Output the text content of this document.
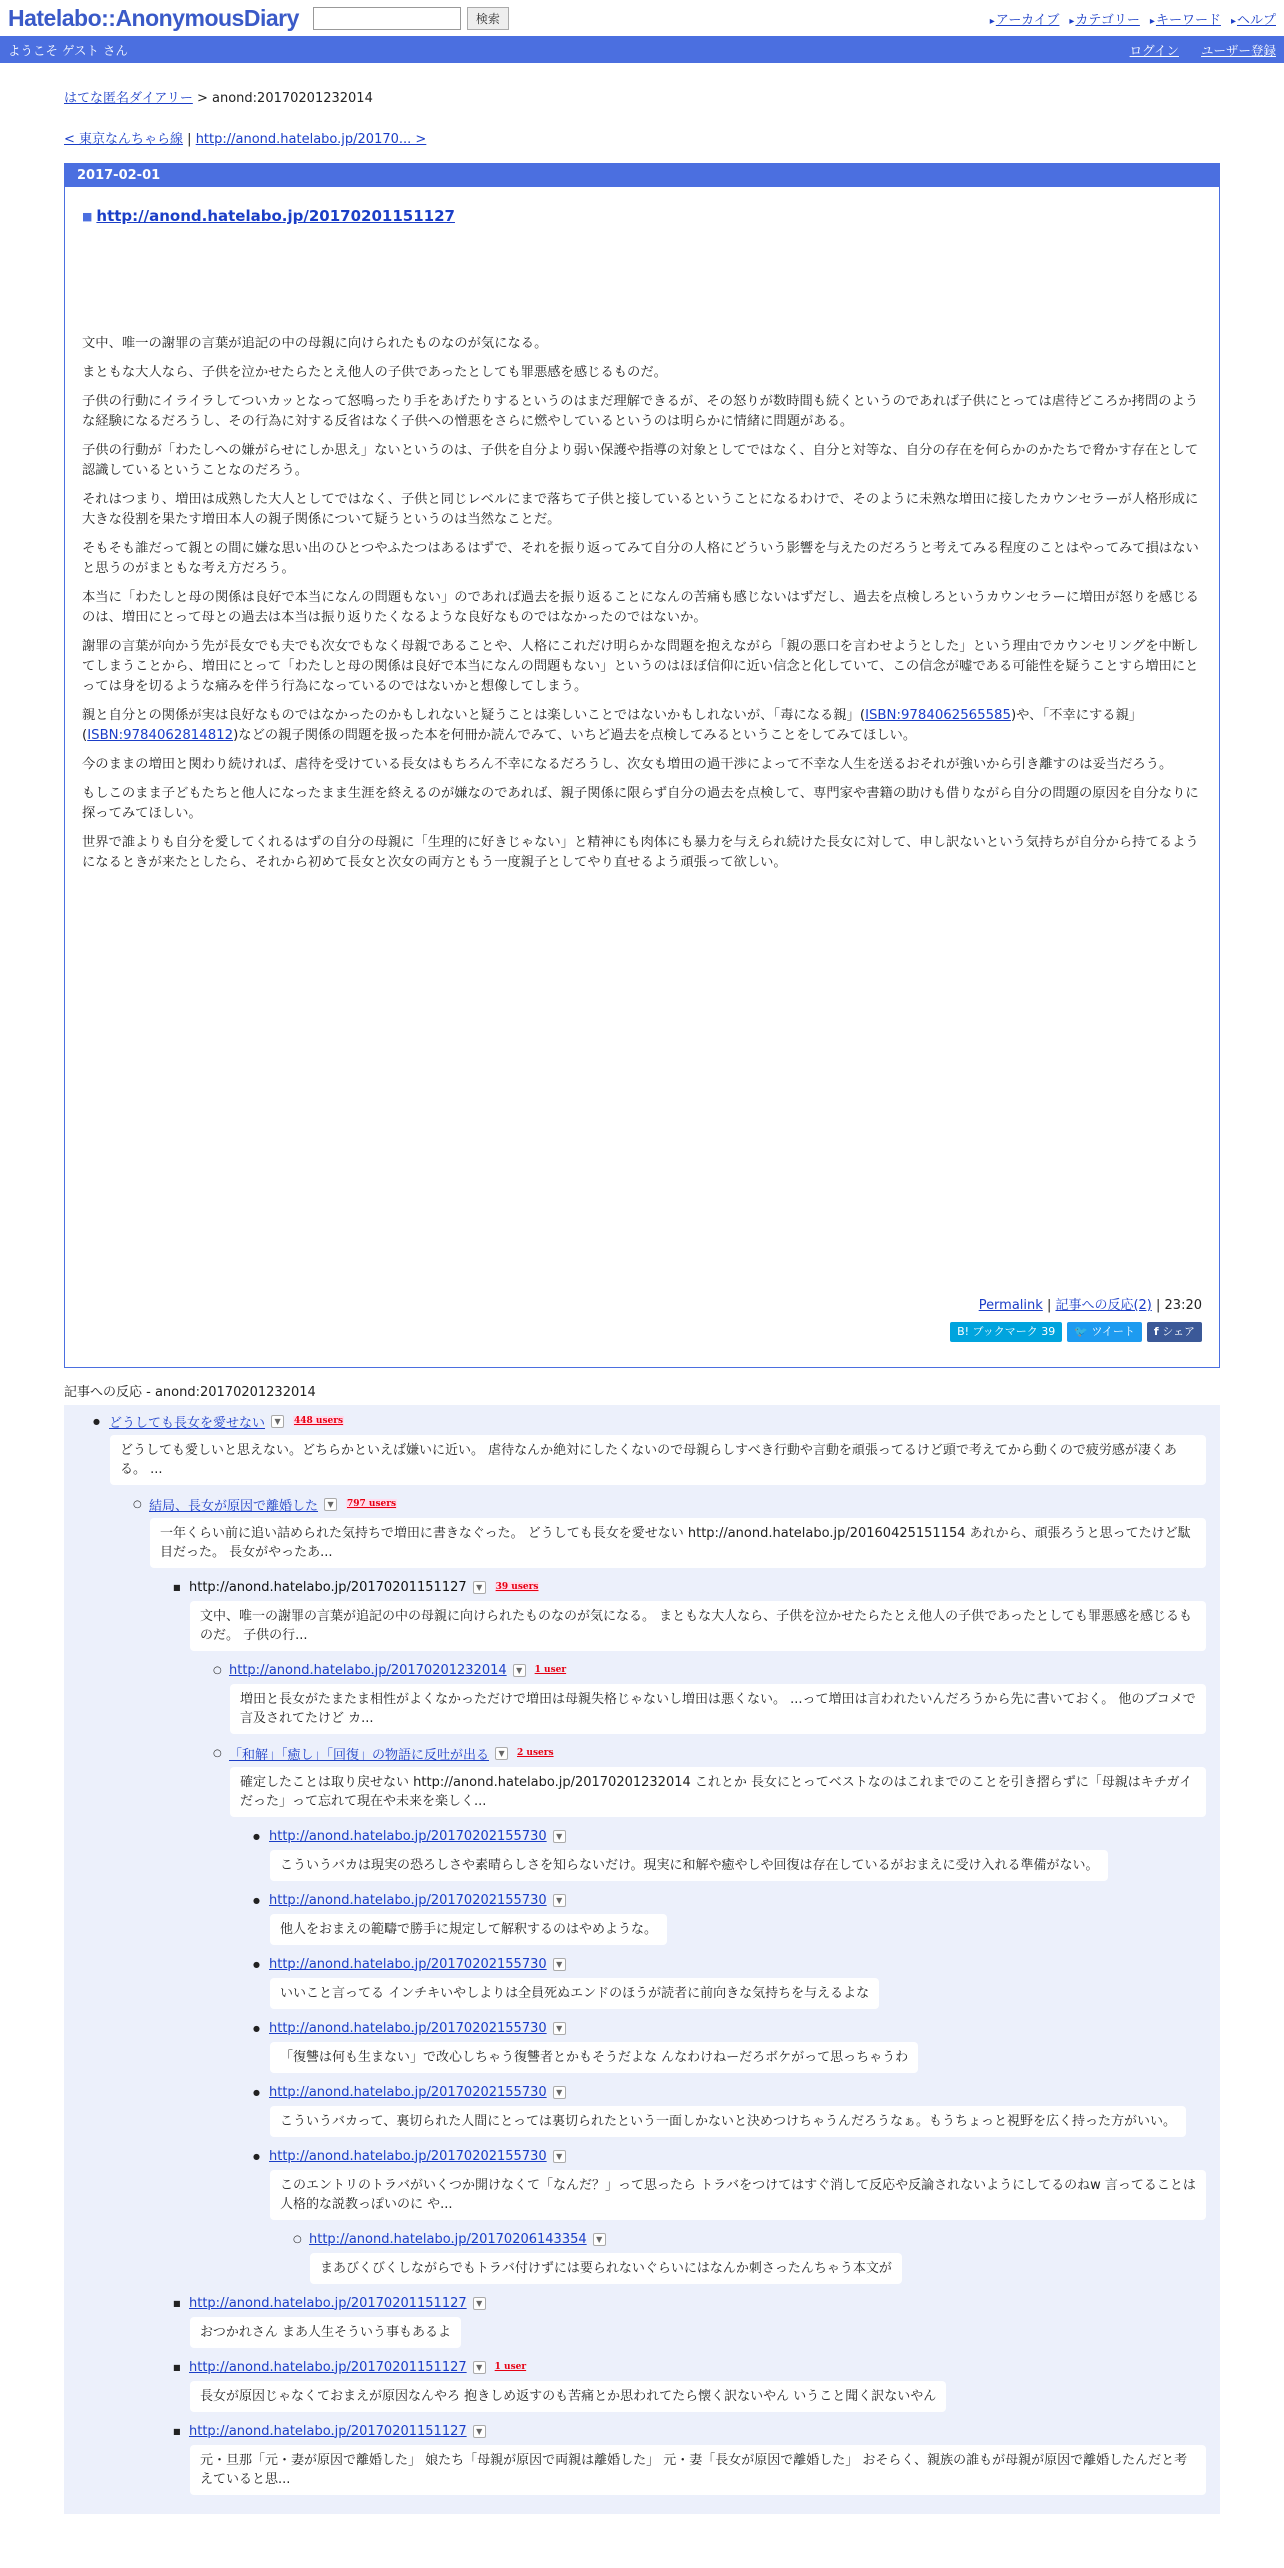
Hatelabo::AnonymousDiary	検索	▸ アーカイブ	▸ カテゴリー	▸ キーワード	▸ ヘルプ
ようこそ ゲスト さん	ログイン ユーザー登録
はてな匿名ダイアリー > anond:20170201232014
< 東京なんちゃら線 | http://anond.hatelabo.jp/20170... >
2017-02-01
■ http://anond.hatelabo.jp/20170201151127

文中、唯一の謝罪の言葉が追記の中の母親に向けられたものなのが気になる。

まともな大人なら、子供を泣かせたらたとえ他人の子供であったとしても罪悪感を感じるものだ。

子供の行動にイライラしてついカッとなって怒鳴ったり手をあげたりするというのはまだ理解できるが、その怒りが数時間も続くというのであれば子供にとっては虐待どころか拷問のような経験になるだろうし、その行為に対する反省はなく子供への憎悪をさらに燃やしているというのは明らかに情緒に問題がある。

子供の行動が「わたしへの嫌がらせにしか思え」ないというのは、子供を自分より弱い保護や指導の対象としてではなく、自分と対等な、自分の存在を何らかのかたちで脅かす存在として認識しているということなのだろう。

それはつまり、増田は成熟した大人としてではなく、子供と同じレベルにまで落ちて子供と接しているということになるわけで、そのように未熟な増田に接したカウンセラーが人格形成に大きな役割を果たす増田本人の親子関係について疑うというのは当然なことだ。

そもそも誰だって親との間に嫌な思い出のひとつやふたつはあるはずで、それを振り返ってみて自分の人格にどういう影響を与えたのだろうと考えてみる程度のことはやってみて損はないと思うのがまともな考え方だろう。

本当に「わたしと母の関係は良好で本当になんの問題もない」のであれば過去を振り返ることになんの苦痛も感じないはずだし、過去を点検しろというカウンセラーに増田が怒りを感じるのは、増田にとって母との過去は本当は振り返りたくなるような良好なものではなかったのではないか。

謝罪の言葉が向かう先が長女でも夫でも次女でもなく母親であることや、人格にこれだけ明らかな問題を抱えながら「親の悪口を言わせようとした」という理由でカウンセリングを中断してしまうことから、増田にとって「わたしと母の関係は良好で本当になんの問題もない」というのはほぼ信仰に近い信念と化していて、この信念が嘘である可能性を疑うことすら増田にとっては身を切るような痛みを伴う行為になっているのではないかと想像してしまう。

親と自分との関係が実は良好なものではなかったのかもしれないと疑うことは楽しいことではないかもしれないが、「毒になる親」(ISBN:9784062565585)や、「不幸にする親」(ISBN:9784062814812)などの親子関係の問題を扱った本を何冊か読んでみて、いちど過去を点検してみるということをしてみてほしい。

今のままの増田と関わり続ければ、虐待を受けている長女はもちろん不幸になるだろうし、次女も増田の過干渉によって不幸な人生を送るおそれが強いから引き離すのは妥当だろう。

もしこのまま子どもたちと他人になったまま生涯を終えるのが嫌なのであれば、親子関係に限らず自分の過去を点検して、専門家や書籍の助けも借りながら自分の問題の原因を自分なりに探ってみてほしい。

世界で誰よりも自分を愛してくれるはずの自分の母親に「生理的に好きじゃない」と精神にも肉体にも暴力を与えられ続けた長女に対して、申し訳ないという気持ちが自分から持てるようになるときが来たとしたら、それから初めて長女と次女の両方ともう一度親子としてやり直せるよう頑張って欲しい。

Permalink | 記事への反応(2) | 23:20
B! ブックマーク 39	🐦 ツイート	f シェア
記事への反応 - anond:20170201232014
● どうしても長女を愛せない	▼	448 users
どうしても愛しいと思えない。どちらかといえば嫌いに近い。 虐待なんか絶対にしたくないので母親らしすべき行動や言動を頑張ってるけど頭で考えてから動くので疲労感が凄くある。 ...
○ 結局、長女が原因で離婚した	▼	797 users
一年くらい前に追い詰められた気持ちで増田に書きなぐった。 どうしても長女を愛せない http://anond.hatelabo.jp/20160425151154 あれから、頑張ろうと思ってたけど駄目だった。 長女がやったあ...
■ http://anond.hatelabo.jp/20170201151127	▼	39 users
文中、唯一の謝罪の言葉が追記の中の母親に向けられたものなのが気になる。 まともな大人なら、子供を泣かせたらたとえ他人の子供であったとしても罪悪感を感じるものだ。 子供の行...
○ http://anond.hatelabo.jp/20170201232014	▼	1 user
増田と長女がたまたま相性がよくなかっただけで増田は母親失格じゃないし増田は悪くない。 ...って増田は言われたいんだろうから先に書いておく。 他のブコメで言及されてたけど カ...
○ 「和解」「癒し」「回復」の物語に反吐が出る	▼	2 users
確定したことは取り戻せない http://anond.hatelabo.jp/20170201232014 これとか 長女にとってベストなのはこれまでのことを引き摺らずに「母親はキチガイだった」って忘れて現在や未来を楽しく...
● http://anond.hatelabo.jp/20170202155730	▼
こういうバカは現実の恐ろしさや素晴らしさを知らないだけ。現実に和解や癒やしや回復は存在しているがおまえに受け入れる準備がない。
● http://anond.hatelabo.jp/20170202155730	▼
他人をおまえの範疇で勝手に規定して解釈するのはやめような。
● http://anond.hatelabo.jp/20170202155730	▼
いいこと言ってる インチキいやしよりは全員死ぬエンドのほうが読者に前向きな気持ちを与えるよな
● http://anond.hatelabo.jp/20170202155730	▼
「復讐は何も生まない」で改心しちゃう復讐者とかもそうだよな んなわけねーだろボケがって思っちゃうわ
● http://anond.hatelabo.jp/20170202155730	▼
こういうバカって、裏切られた人間にとっては裏切られたという一面しかないと決めつけちゃうんだろうなぁ。もうちょっと視野を広く持った方がいい。
● http://anond.hatelabo.jp/20170202155730	▼
このエントリのトラバがいくつか開けなくて「なんだ？」って思ったら トラバをつけてはすぐ消して反応や反論されないようにしてるのねw 言ってることは人格的な説教っぽいのに や...
○ http://anond.hatelabo.jp/20170206143354	▼
まあびくびくしながらでもトラバ付けずには要られないぐらいにはなんか刺さったんちゃう本文が
■ http://anond.hatelabo.jp/20170201151127	▼
おつかれさん まあ人生そういう事もあるよ
■ http://anond.hatelabo.jp/20170201151127	▼	1 user
長女が原因じゃなくておまえが原因なんやろ 抱きしめ返すのも苦痛とか思われてたら懐く訳ないやん いうこと聞く訳ないやん
■ http://anond.hatelabo.jp/20170201151127	▼
元・旦那「元・妻が原因で離婚した」 娘たち「母親が原因で両親は離婚した」 元・妻「長女が原因で離婚した」 おそらく、親族の誰もが母親が原因で離婚したんだと考えていると思...
